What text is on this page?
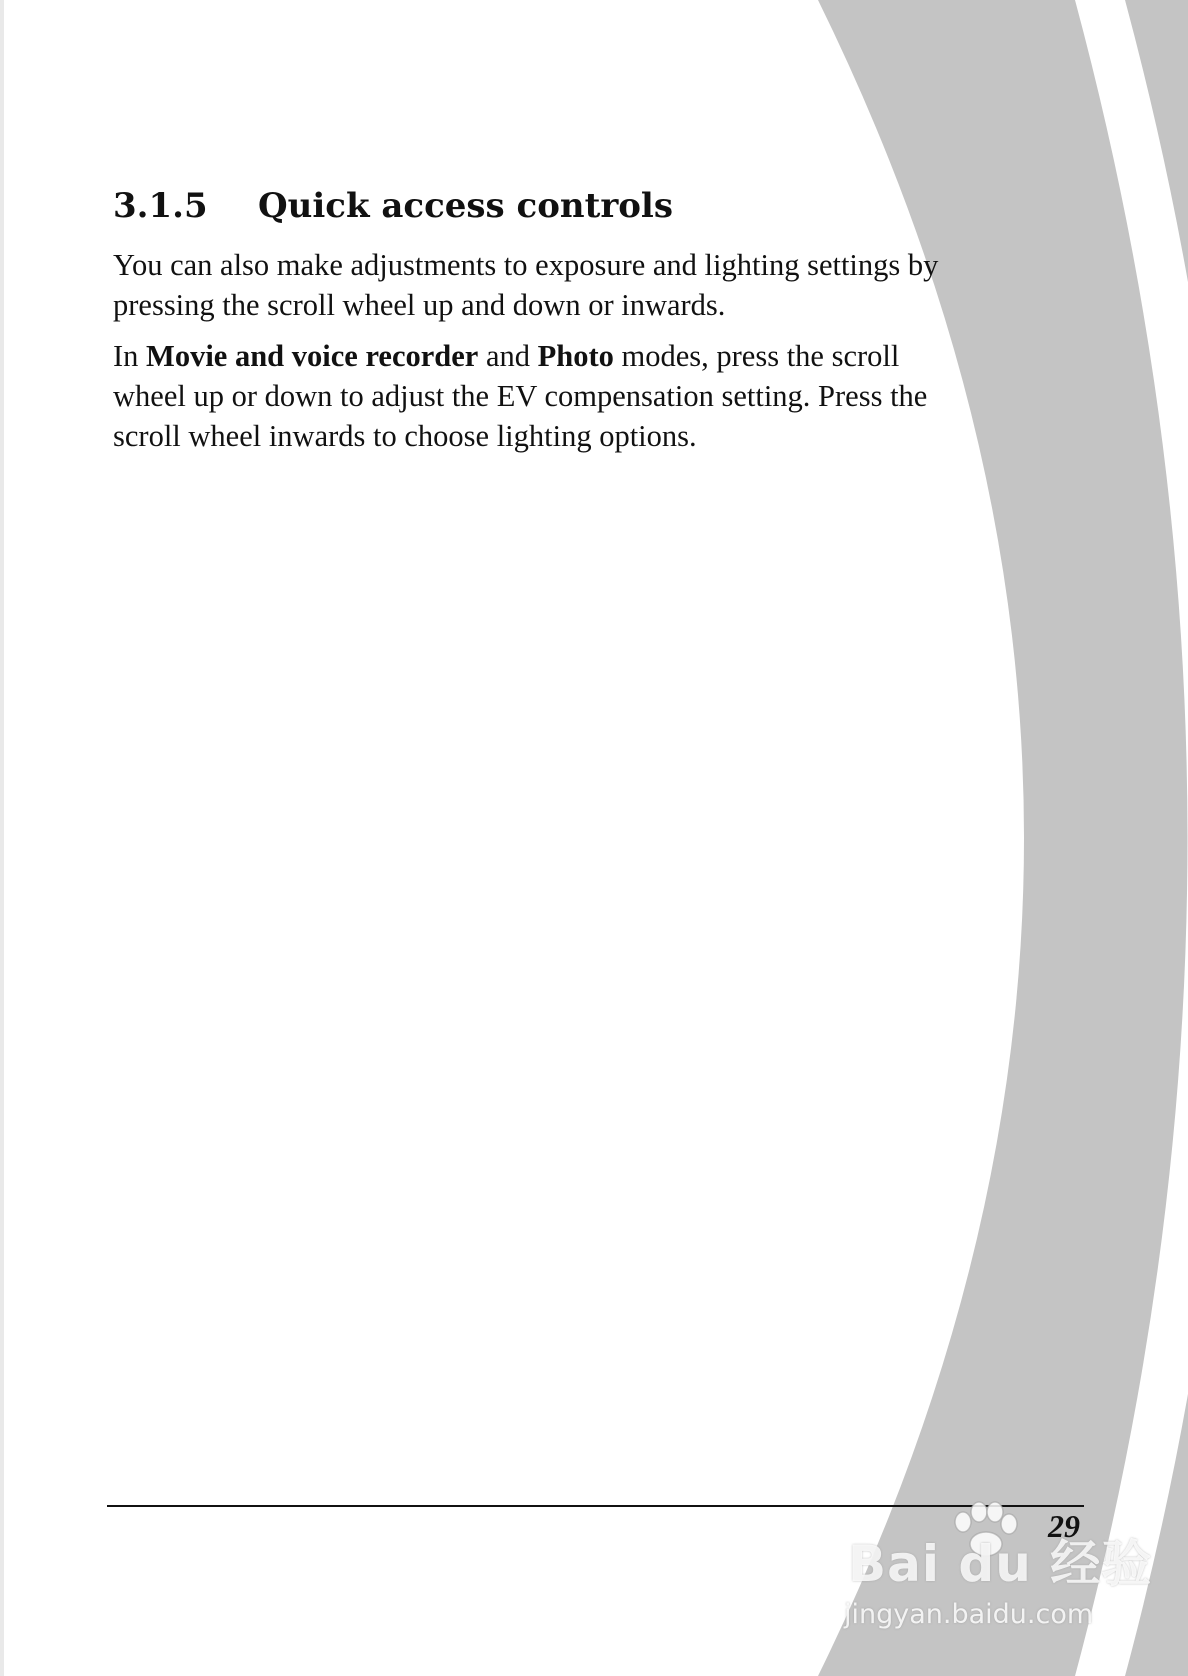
3.1.5 Quick access controls
You can also make adjustments to exposure and lighting settings by
pressing the scroll wheel up and down or inwards.
In Movie and voice recorder and Photo modes, press the scroll
wheel up or down to adjust the EV compensation setting. Press the
scroll wheel inwards to choose lighting options.
29
Bai du 经验
jingyan.baidu.com
